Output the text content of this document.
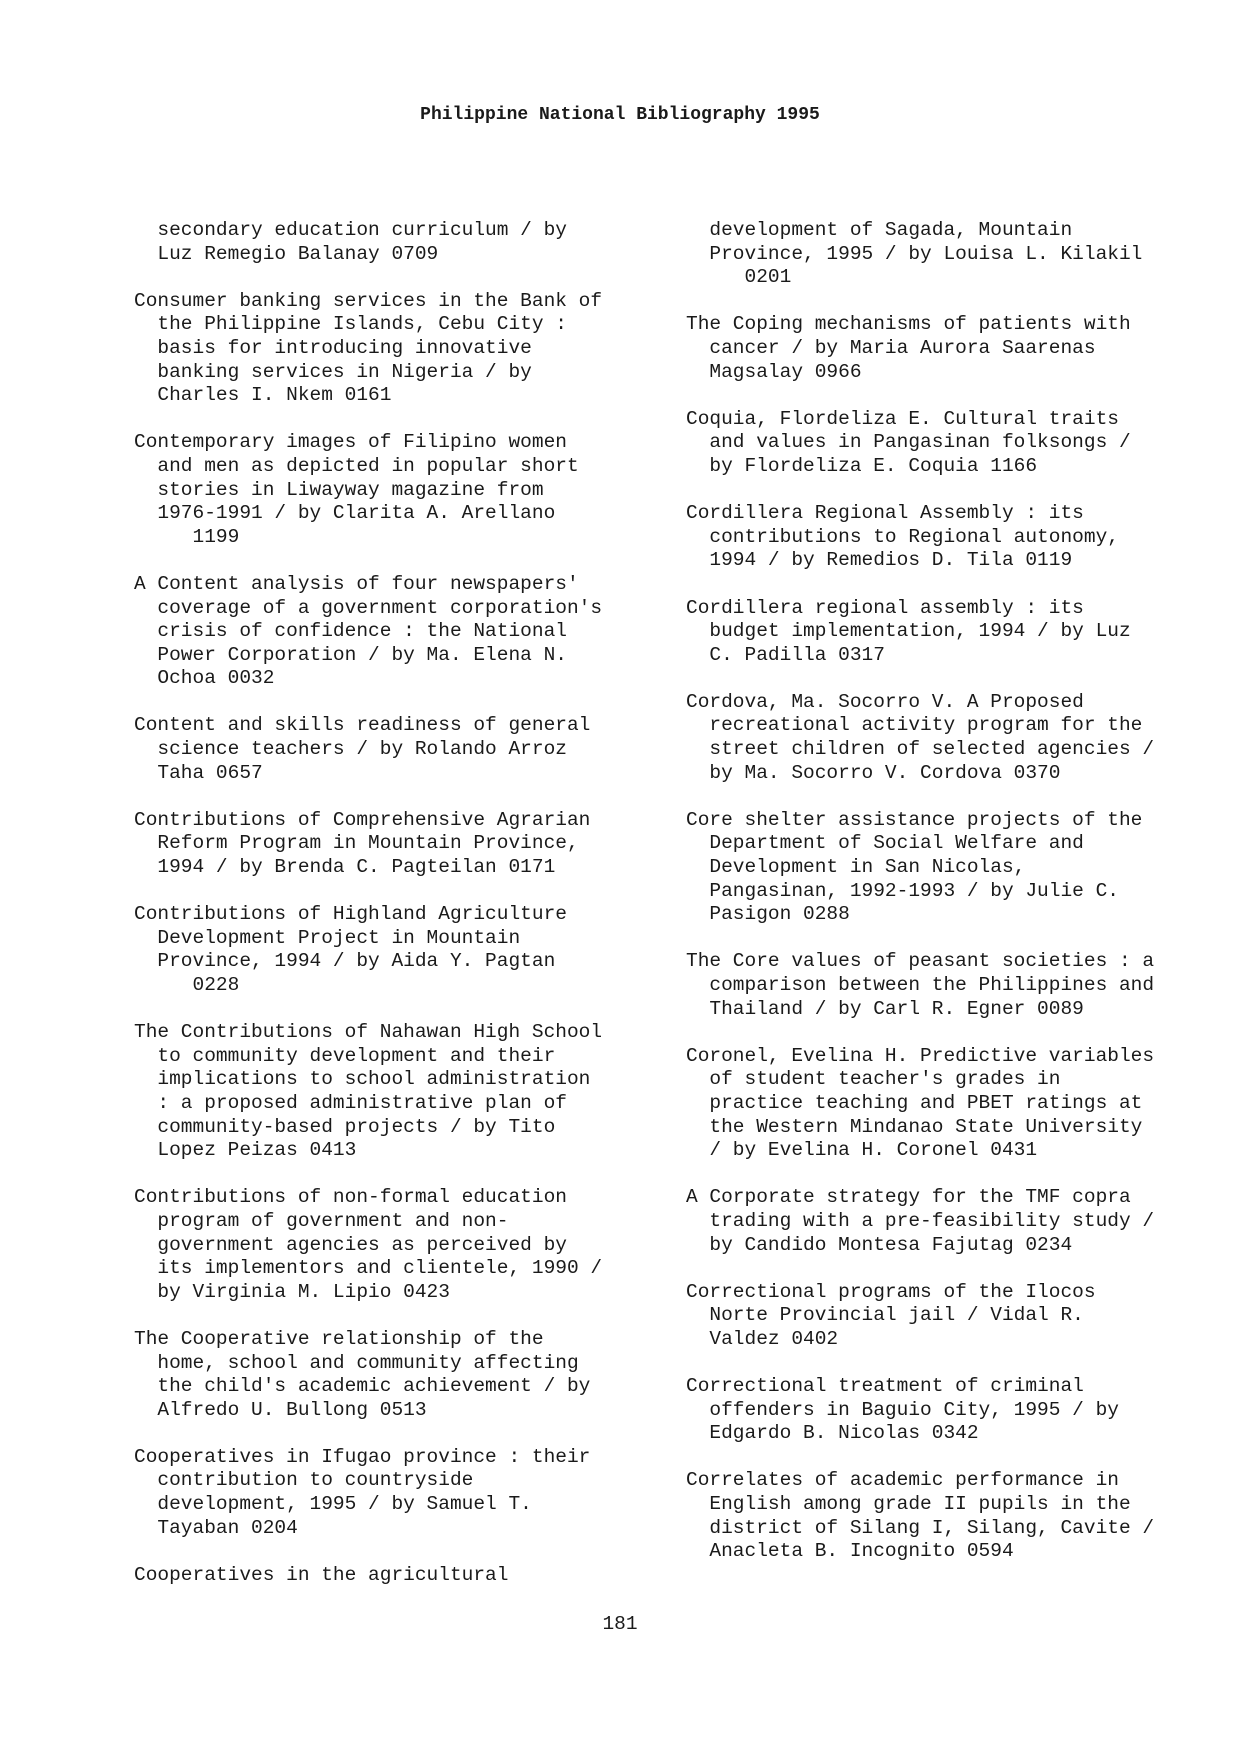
Philippine National Bibliography 1995
secondary education curriculum / by
Luz Remegio Balanay 0709
Consumer banking services in the Bank of
the Philippine Islands, Cebu City :
basis for introducing innovative
banking services in Nigeria / by
Charles I. Nkem 0161
Contemporary images of Filipino women
and men as depicted in popular short
stories in Liwayway magazine from
1976-1991 / by Clarita A. Arellano
1199
A Content analysis of four newspapers'
coverage of a government corporation's
crisis of confidence : the National
Power Corporation / by Ma. Elena N.
Ochoa 0032
Content and skills readiness of general
science teachers / by Rolando Arroz
Taha 0657
Contributions of Comprehensive Agrarian
Reform Program in Mountain Province,
1994 / by Brenda C. Pagteilan 0171
Contributions of Highland Agriculture
Development Project in Mountain
Province, 1994 / by Aida Y. Pagtan
0228
The Contributions of Nahawan High School
to community development and their
implications to school administration
: a proposed administrative plan of
community-based projects / by Tito
Lopez Peizas 0413
Contributions of non-formal education
program of government and non-
government agencies as perceived by
its implementors and clientele, 1990 /
by Virginia M. Lipio 0423
The Cooperative relationship of the
home, school and community affecting
the child's academic achievement / by
Alfredo U. Bullong 0513
Cooperatives in Ifugao province : their
contribution to countryside
development, 1995 / by Samuel T.
Tayaban 0204
Cooperatives in the agricultural
development of Sagada, Mountain
Province, 1995 / by Louisa L. Kilakil
0201
The Coping mechanisms of patients with
cancer / by Maria Aurora Saarenas
Magsalay 0966
Coquia, Flordeliza E. Cultural traits
and values in Pangasinan folksongs /
by Flordeliza E. Coquia 1166
Cordillera Regional Assembly : its
contributions to Regional autonomy,
1994 / by Remedios D. Tila 0119
Cordillera regional assembly : its
budget implementation, 1994 / by Luz
C. Padilla 0317
Cordova, Ma. Socorro V. A Proposed
recreational activity program for the
street children of selected agencies /
by Ma. Socorro V. Cordova 0370
Core shelter assistance projects of the
Department of Social Welfare and
Development in San Nicolas,
Pangasinan, 1992-1993 / by Julie C.
Pasigon 0288
The Core values of peasant societies : a
comparison between the Philippines and
Thailand / by Carl R. Egner 0089
Coronel, Evelina H. Predictive variables
of student teacher's grades in
practice teaching and PBET ratings at
the Western Mindanao State University
/ by Evelina H. Coronel 0431
A Corporate strategy for the TMF copra
trading with a pre-feasibility study /
by Candido Montesa Fajutag 0234
Correctional programs of the Ilocos
Norte Provincial jail / Vidal R.
Valdez 0402
Correctional treatment of criminal
offenders in Baguio City, 1995 / by
Edgardo B. Nicolas 0342
Correlates of academic performance in
English among grade II pupils in the
district of Silang I, Silang, Cavite /
Anacleta B. Incognito 0594
181
